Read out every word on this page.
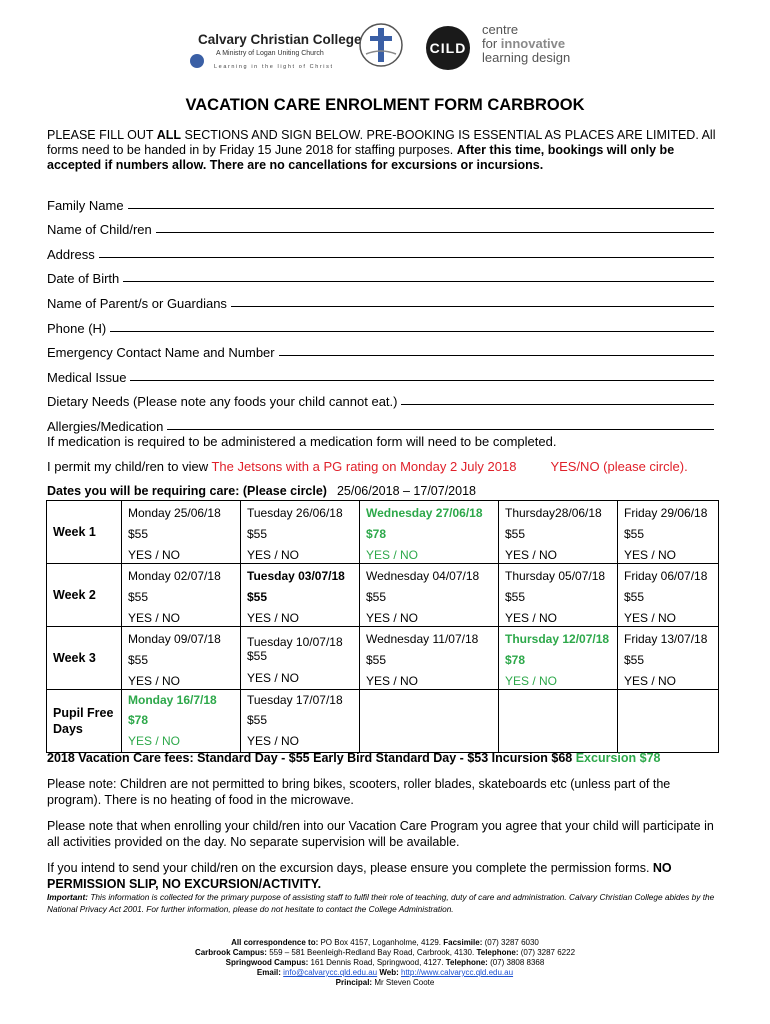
Calvary Christian College
A Ministry of Logan Uniting Church
Learning in the light of Christ
CILD
centre
for innovative
learning design
VACATION CARE ENROLMENT FORM CARBROOK
PLEASE FILL OUT ALL SECTIONS AND SIGN BELOW. PRE-BOOKING IS ESSENTIAL AS PLACES ARE LIMITED. All forms need to be handed in by Friday 15 June 2018 for staffing purposes. After this time, bookings will only be accepted if numbers allow. There are no cancellations for excursions or incursions.
Family Name
Name of Child/ren
Address
Date of Birth
Name of Parent/s or Guardians
Phone (H)
Emergency Contact Name and Number
Medical Issue
Dietary Needs (Please note any foods your child cannot eat.)
Allergies/Medication
If medication is required to be administered a medication form will need to be completed.
I permit my child/ren to view The Jetsons with a PG rating on Monday 2 July 2018	YES/NO (please circle).
Dates you will be requiring care: (Please circle) 25/06/2018 – 17/07/2018
Week 1	Monday 25/06/18
$55
YES / NO	Tuesday 26/06/18
$55
YES / NO	Wednesday 27/06/18
$78
YES / NO	Thursday28/06/18
$55
YES / NO	Friday 29/06/18
$55
YES / NO

Week 2	Monday 02/07/18
$55
YES / NO	Tuesday 03/07/18
$55
YES / NO	Wednesday 04/07/18
$55
YES / NO	Thursday 05/07/18
$55
YES / NO	Friday 06/07/18
$55
YES / NO

Week 3	Monday 09/07/18
$55
YES / NO	Tuesday 10/07/18
$55
YES / NO	Wednesday 11/07/18
$55
YES / NO	Thursday 12/07/18
$78
YES / NO	Friday 13/07/18
$55
YES / NO

Pupil Free Days	Monday 16/7/18
$78
YES / NO	Tuesday 17/07/18
$55
YES / NO			

2018 Vacation Care fees: Standard Day - $55 Early Bird Standard Day - $53 Incursion $68 Excursion $78
Please note: Children are not permitted to bring bikes, scooters, roller blades, skateboards etc (unless part of the program). There is no heating of food in the microwave.
Please note that when enrolling your child/ren into our Vacation Care Program you agree that your child will participate in all activities provided on the day. No separate supervision will be available.
If you intend to send your child/ren on the excursion days, please ensure you complete the permission forms. NO PERMISSION SLIP, NO EXCURSION/ACTIVITY.
Important: This information is collected for the primary purpose of assisting staff to fulfil their role of teaching, duty of care and administration. Calvary Christian College abides by the National Privacy Act 2001. For further information, please do not hesitate to contact the College Administration.
All correspondence to: PO Box 4157, Loganholme, 4129. Facsimile: (07) 3287 6030
Carbrook Campus: 559 – 581 Beenleigh-Redland Bay Road, Carbrook, 4130. Telephone: (07) 3287 6222
Springwood Campus: 161 Dennis Road, Springwood, 4127. Telephone: (07) 3808 8368
Email: info@calvarycc.qld.edu.au Web: http://www.calvarycc.qld.edu.au
Principal: Mr Steven Coote
